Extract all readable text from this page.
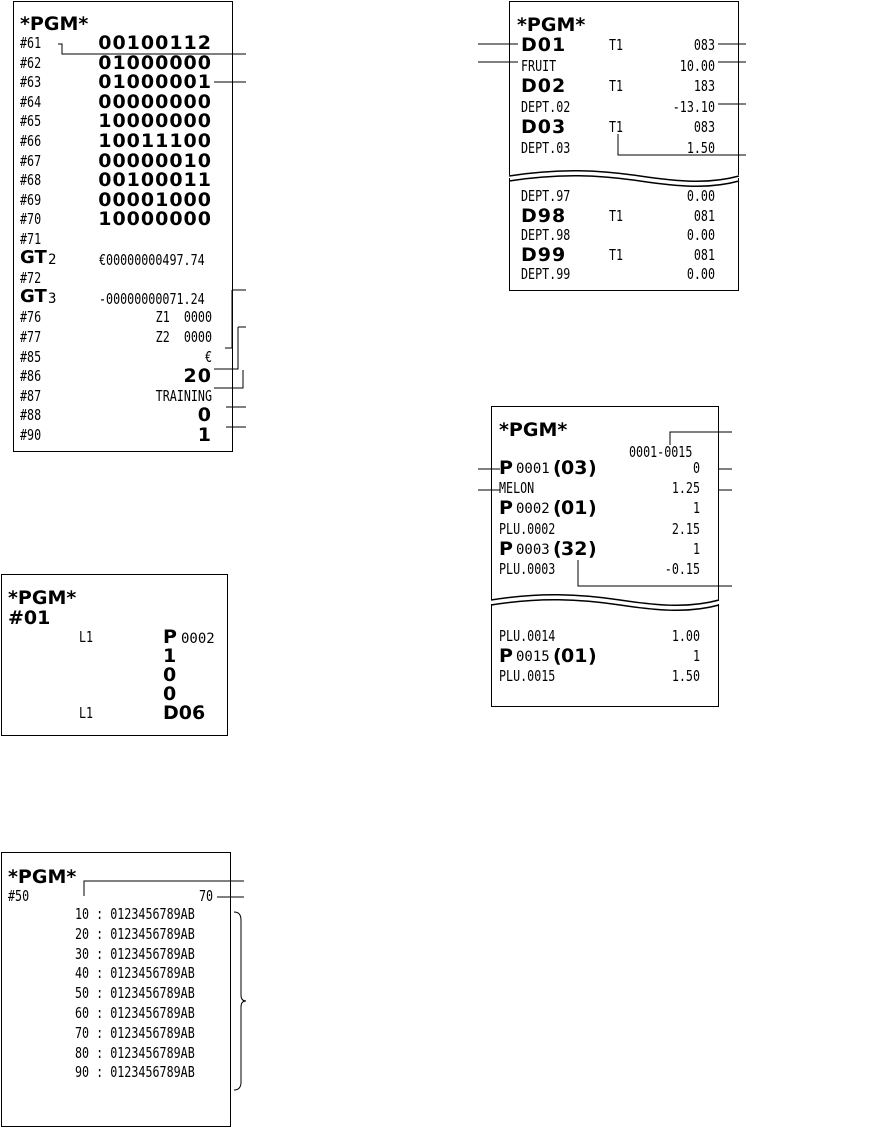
*PGM*
#61	00100112
#62	01000000
#63	01000001
#64	00000000
#65	10000000
#66	10011100
#67	00000010
#68	00100011
#69	00001000
#70	10000000
#71
GT 2	€00000000497.74
#72
GT 3	-00000000071.24
#76	Z1  0000
#77	Z2  0000
#85	€
#86	20
#87	TRAINING
#88	0
#90	1
*PGM*
#01
L1	P 0002
1
0
0
L1	D06
*PGM*
#50	70
10 : 0123456789AB
20 : 0123456789AB
30 : 0123456789AB
40 : 0123456789AB
50 : 0123456789AB
60 : 0123456789AB
70 : 0123456789AB
80 : 0123456789AB
90 : 0123456789AB
*PGM*
D01	T1	083
FRUIT	10.00
D02	T1	183
DEPT.02	-13.10
D03	T1	083
DEPT.03	1.50
DEPT.97	0.00
D98	T1	081
DEPT.98	0.00
D99	T1	081
DEPT.99	0.00
*PGM*
0001-0015
P 0001 ( 03 )	0
MELON	1.25
P 0002 ( 01 )	1
PLU.0002	2.15
P 0003 ( 32 )	1
PLU.0003	-0.15
PLU.0014	1.00
P 0015 ( 01 )	1
PLU.0015	1.50
